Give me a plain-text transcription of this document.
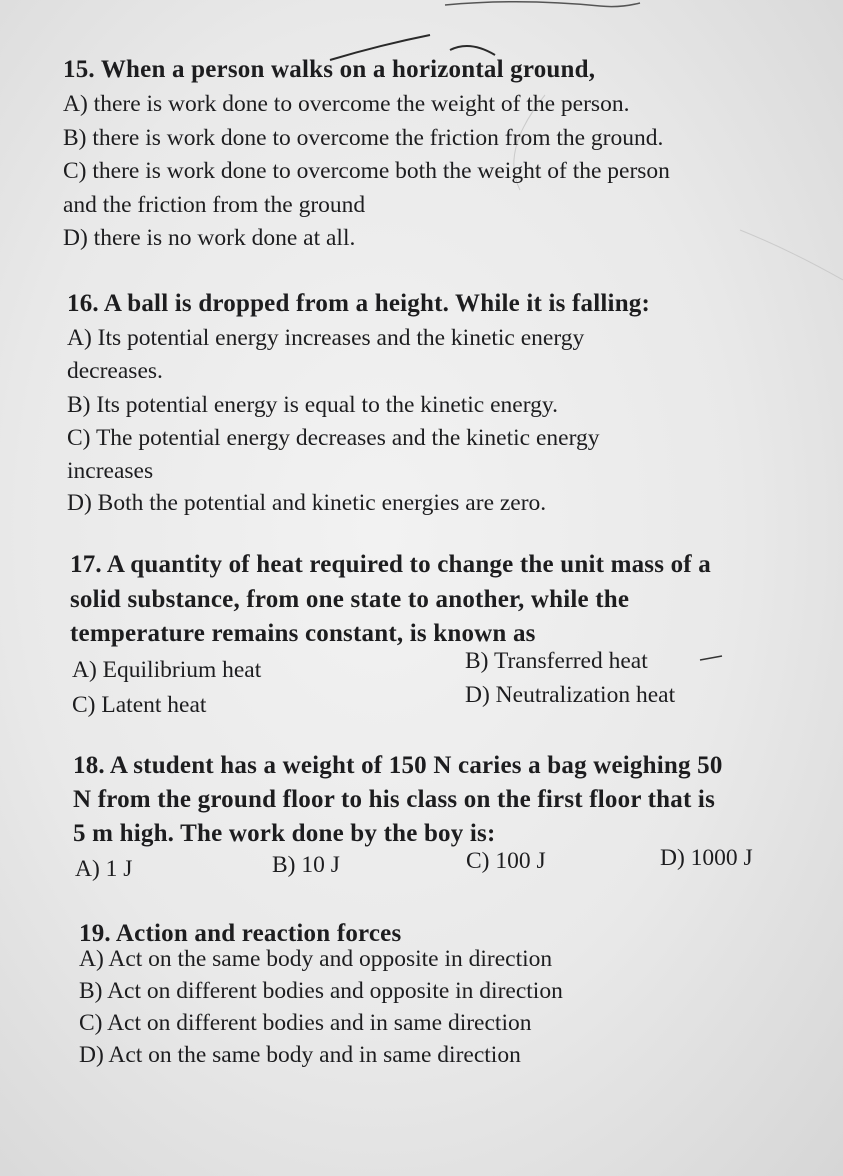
15. When a person walks on a horizontal ground,
A) there is work done to overcome the weight of the person.
B) there is work done to overcome the friction from the ground.
C) there is work done to overcome both the weight of the person
and the friction from the ground
D) there is no work done at all.
16. A ball is dropped from a height. While it is falling:
A) Its potential energy increases and the kinetic energy
decreases.
B) Its potential energy is equal to the kinetic energy.
C) The potential energy decreases and the kinetic energy
increases
D) Both the potential and kinetic energies are zero.
17. A quantity of heat required to change the unit mass of a
solid substance, from one state to another, while the
temperature remains constant, is known as
A) Equilibrium heat	B) Transferred heat
C) Latent heat	D) Neutralization heat
18. A student has a weight of 150 N caries a bag weighing 50
N from the ground floor to his class on the first floor that is
5 m high. The work done by the boy is:
A) 1 J	B) 10 J	C) 100 J	D) 1000 J
19. Action and reaction forces
A) Act on the same body and opposite in direction
B) Act on different bodies and opposite in direction
C) Act on different bodies and in same direction
D) Act on the same body and in same direction
